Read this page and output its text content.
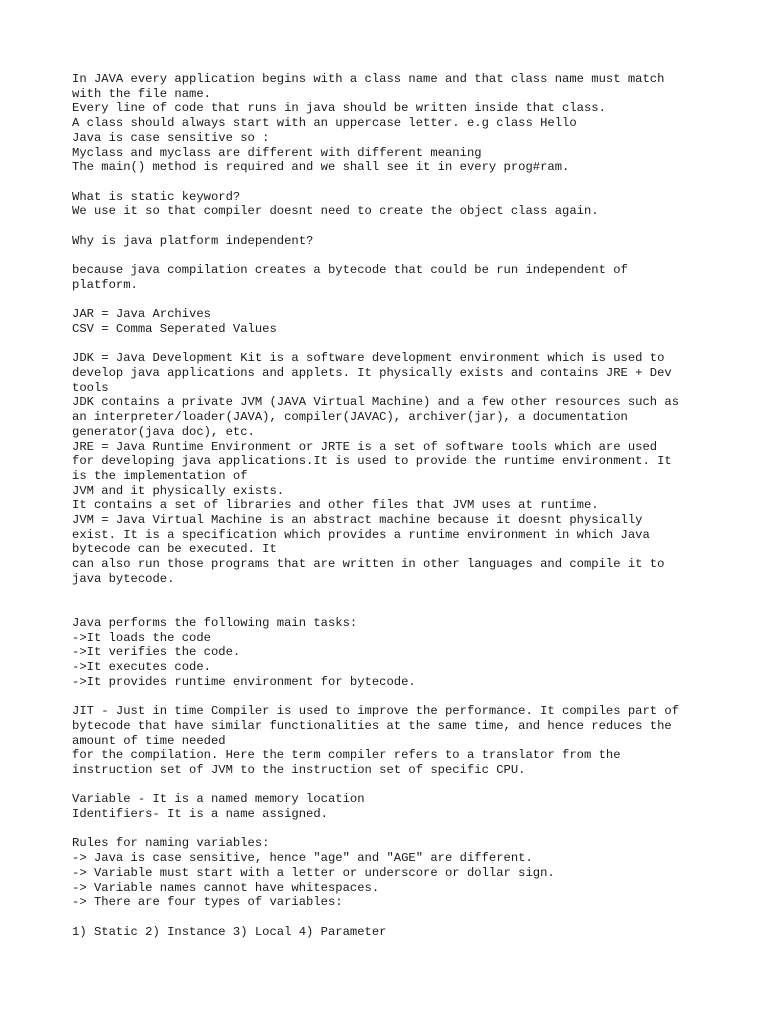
In JAVA every application begins with a class name and that class name must match
with the file name.
Every line of code that runs in java should be written inside that class.
A class should always start with an uppercase letter. e.g class Hello
Java is case sensitive so :
Myclass and myclass are different with different meaning
The main() method is required and we shall see it in every prog#ram.
What is static keyword?
We use it so that compiler doesnt need to create the object class again.
Why is java platform independent?
because java compilation creates a bytecode that could be run independent of
platform.
JAR = Java Archives
CSV = Comma Seperated Values
JDK = Java Development Kit is a software development environment which is used to
develop java applications and applets. It physically exists and contains JRE + Dev
tools
JDK contains a private JVM (JAVA Virtual Machine) and a few other resources such as
an interpreter/loader(JAVA), compiler(JAVAC), archiver(jar), a documentation
generator(java doc), etc.
JRE = Java Runtime Environment or JRTE is a set of software tools which are used
for developing java applications.It is used to provide the runtime environment. It
is the implementation of
JVM and it physically exists.
It contains a set of libraries and other files that JVM uses at runtime.
JVM = Java Virtual Machine is an abstract machine because it doesnt physically
exist. It is a specification which provides a runtime environment in which Java
bytecode can be executed. It
can also run those programs that are written in other languages and compile it to
java bytecode.
Java performs the following main tasks:
->It loads the code
->It verifies the code.
->It executes code.
->It provides runtime environment for bytecode.
JIT - Just in time Compiler is used to improve the performance. It compiles part of
bytecode that have similar functionalities at the same time, and hence reduces the
amount of time needed
for the compilation. Here the term compiler refers to a translator from the
instruction set of JVM to the instruction set of specific CPU.
Variable - It is a named memory location
Identifiers- It is a name assigned.
Rules for naming variables:
-> Java is case sensitive, hence "age" and "AGE" are different.
-> Variable must start with a letter or underscore or dollar sign.
-> Variable names cannot have whitespaces.
-> There are four types of variables:
1) Static 2) Instance 3) Local 4) Parameter
